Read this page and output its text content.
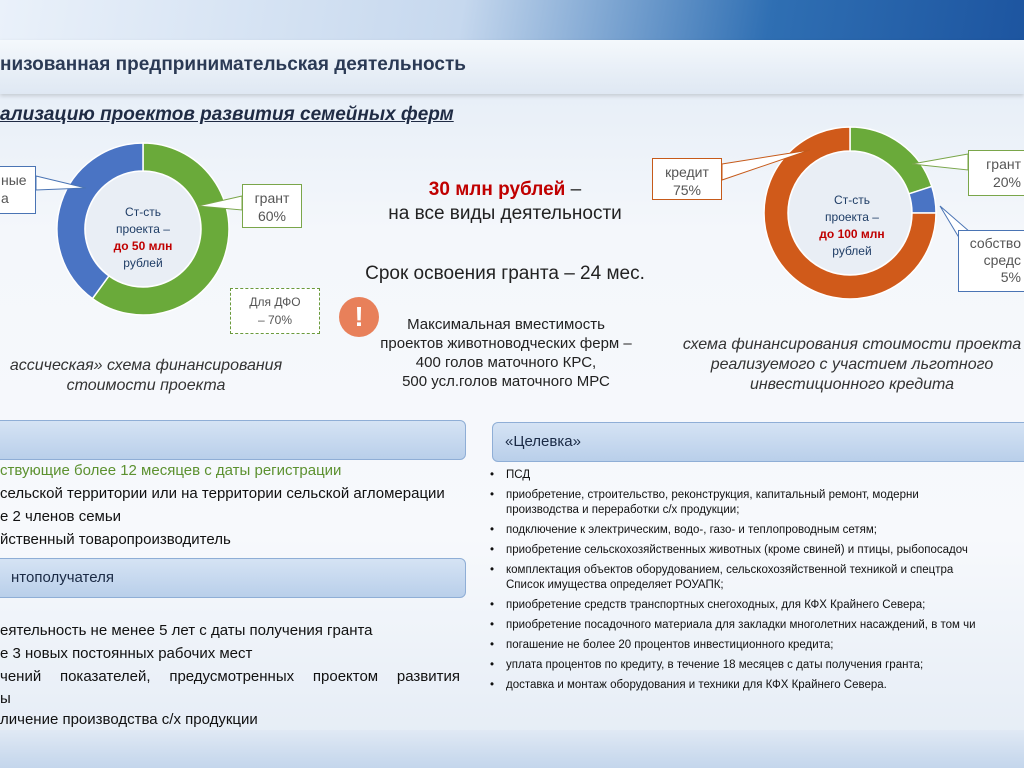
низованная предпринимательская деятельность
ализацию проектов развития семейных ферм
Ст-сть
проекта –
до 50 млн
рублей
ные
а	грант
60%
Для ДФО
– 70%
ассическая» схема финансирования
стоимости проекта
30 млн рублей –
на все виды деятельности
Срок освоения гранта – 24 мес.
!	Максимальная вместимость
проектов животноводческих ферм –
400 голов маточного КРС,
500 усл.голов маточного МРС
Ст-сть
проекта –
до 100 млн
рублей
кредит
75%
грант
20%
собство
средс
5%
схема финансирования стоимости проекта
реализуемого с участием льготного
инвестиционного кредита
ствующие более 12 месяцев с даты регистрации
сельской территории или на территории сельской агломерации
е 2 членов семьи
йственный товаропроизводитель
нтополучателя
еятельность не менее 5 лет с даты получения гранта
е 3 новых постоянных рабочих мест
чений показателей, предусмотренных проектом развития
ы
личение производства с/х продукции
«Целевка»
• ПСД
• приобретение, строительство, реконструкция, капитальный ремонт, модерни
производства и переработки с/х продукции;
• подключение к электрическим, водо-, газо- и теплопроводным сетям;
• приобретение сельскохозяйственных животных (кроме свиней) и птицы, рыбопосадоч
• комплектация объектов оборудованием, сельскохозяйственной техникой и спецтра
Список имущества определяет РОУАПК;
• приобретение средств транспортных снегоходных, для КФХ Крайнего Севера;
• приобретение посадочного материала для закладки многолетних насаждений, в том чи
• погашение не более 20 процентов инвестиционного кредита;
• уплата процентов по кредиту, в течение 18 месяцев с даты получения гранта;
• доставка и монтаж оборудования и техники для КФХ Крайнего Севера.
